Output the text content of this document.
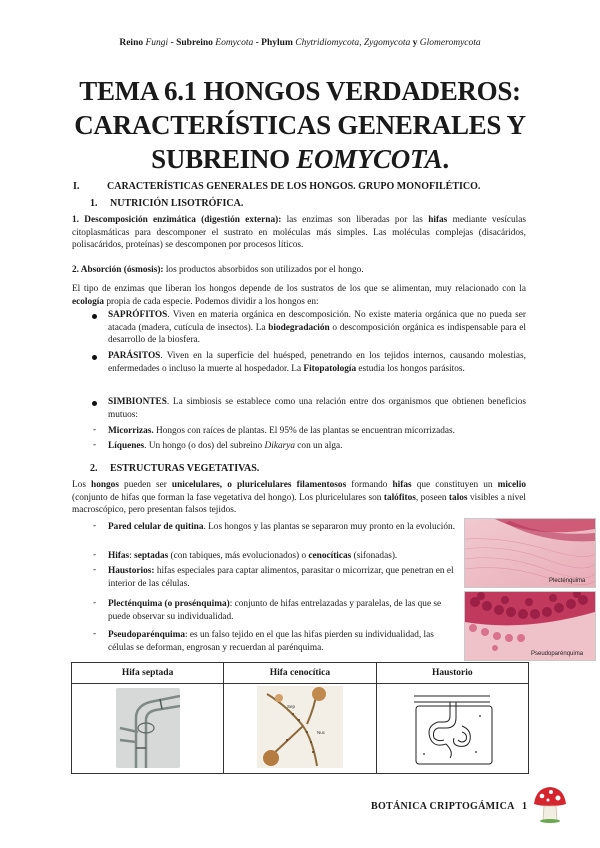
Reino Fungi - Subreino Eomycota - Phylum Chytridiomycota, Zygomycota y Glomeromycota
TEMA 6.1 HONGOS VERDADEROS:
CARACTERÍSTICAS GENERALES Y
SUBREINO EOMYCOTA.
I.	CARACTERÍSTICAS GENERALES DE LOS HONGOS. GRUPO MONOFILÉTICO.
1. NUTRICIÓN LISOTRÓFICA.
1. Descomposición enzimática (digestión externa): las enzimas son liberadas por las hifas mediante vesículas citoplasmáticas para descomponer el sustrato en moléculas más simples. Las moléculas complejas (disacáridos, polisacáridos, proteínas) se descomponen por procesos líticos.
2. Absorción (ósmosis): los productos absorbidos son utilizados por el hongo.
El tipo de enzimas que liberan los hongos depende de los sustratos de los que se alimentan, muy relacionado con la ecología propia de cada especie. Podemos dividir a los hongos en:
SAPRÓFITOS. Viven en materia orgánica en descomposición. No existe materia orgánica que no pueda ser atacada (madera, cutícula de insectos). La biodegradación o descomposición orgánica es indispensable para el desarrollo de la biosfera.
PARÁSITOS. Viven en la superficie del huésped, penetrando en los tejidos internos, causando molestias, enfermedades o incluso la muerte al hospedador. La Fitopatología estudia los hongos parásitos.
SIMBIONTES. La simbiosis se establece como una relación entre dos organismos que obtienen beneficios mutuos:
- Micorrizas. Hongos con raíces de plantas. El 95% de las plantas se encuentran micorrizadas.
- Líquenes. Un hongo (o dos) del subreino Dikarya con un alga.
2. ESTRUCTURAS VEGETATIVAS.
Los hongos pueden ser unicelulares, o pluricelulares filamentosos formando hifas que constituyen un micelio (conjunto de hifas que forman la fase vegetativa del hongo). Los pluricelulares son talófitos, poseen talos visibles a nivel macroscópico, pero presentan falsos tejidos.
- Pared celular de quitina. Los hongos y las plantas se separaron muy pronto en la evolución.
- Hifas: septadas (con tabiques, más evolucionados) o cenocíticas (sifonadas).
- Haustorios: hifas especiales para captar alimentos, parasitar o micorrizar, que penetran en el interior de las células.
- Plecténquima (o prosénquima): conjunto de hifas entrelazadas y paralelas, de las que se puede observar su individualidad.
- Pseudoparénquima: es un falso tejido en el que las hifas pierden su individualidad, las células se deforman, engrosan y recuerdan al parénquima.
Plecténquima
Pseudoparénquima
Hifa septada	Hifa cenocítica	Haustorio

Sep
Nuc

BOTÁNICA CRIPTOGÁMICA 1
